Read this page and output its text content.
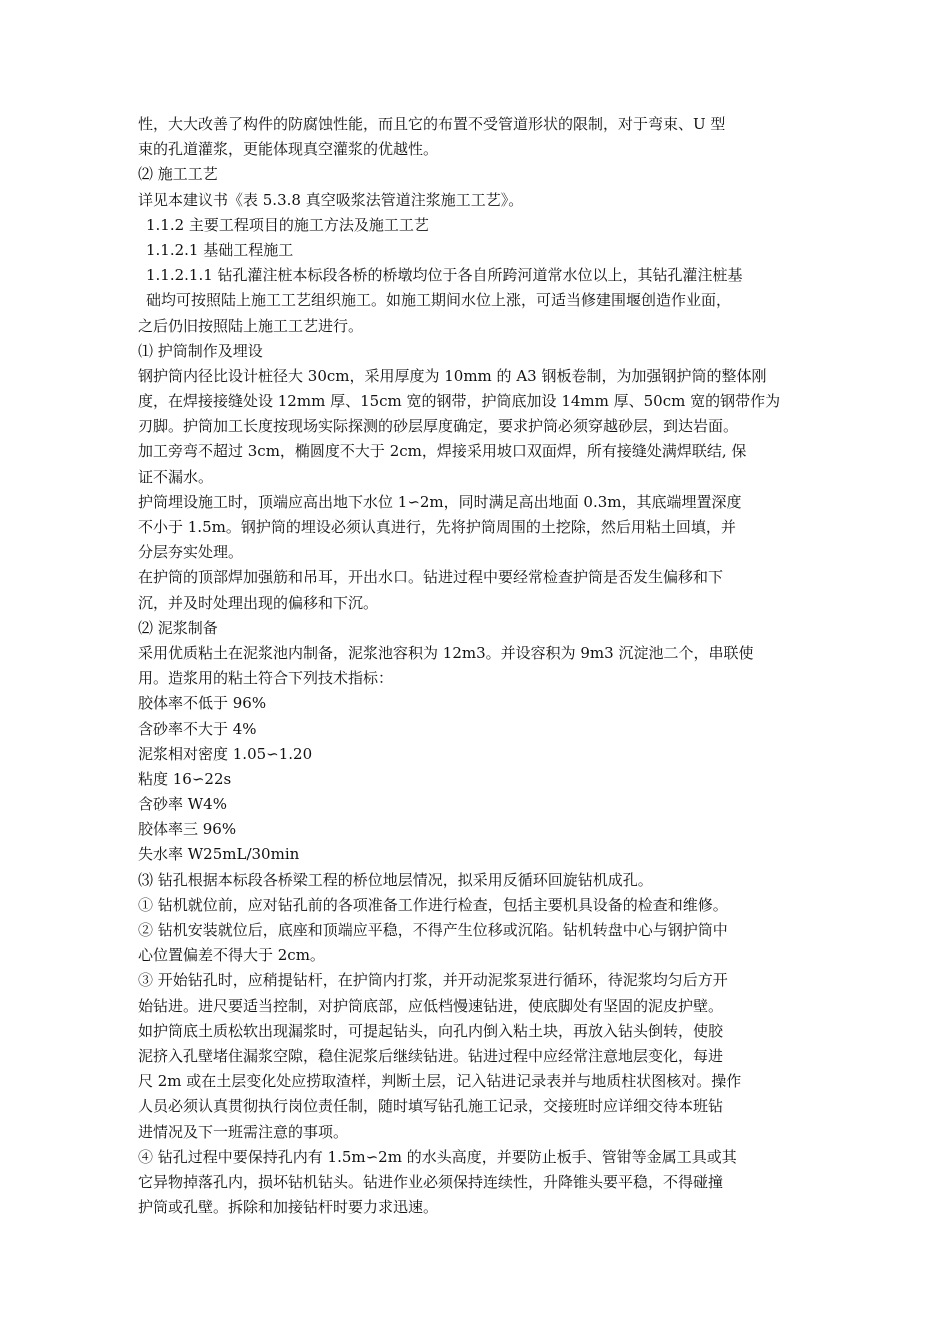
性，大大改善了构件的防腐蚀性能，而且它的布置不受管道形状的限制，对于弯束、U 型
束的孔道灌浆，更能体现真空灌浆的优越性。
⑵ 施工工艺
详见本建议书《表 5.3.8 真空吸浆法管道注浆施工工艺》。
1.1.2 主要工程项目的施工方法及施工工艺
1.1.2.1 基础工程施工
1.1.2.1.1 钻孔灌注桩本标段各桥的桥墩均位于各自所跨河道常水位以上，其钻孔灌注桩基
础均可按照陆上施工工艺组织施工。如施工期间水位上涨，可适当修建围堰创造作业面，
之后仍旧按照陆上施工工艺进行。
⑴ 护筒制作及埋设
钢护筒内径比设计桩径大 30cm，采用厚度为 10mm 的 A3 钢板卷制，为加强钢护筒的整体刚
度，在焊接接缝处设 12mm 厚、15cm 宽的钢带，护筒底加设 14mm 厚、50cm 宽的钢带作为
刃脚。护筒加工长度按现场实际探测的砂层厚度确定，要求护筒必须穿越砂层，到达岩面。
加工旁弯不超过 3cm，椭圆度不大于 2cm，焊接采用坡口双面焊，所有接缝处满焊联结, 保
证不漏水。
护筒埋设施工时，顶端应高出地下水位 1∽2m，同时满足高出地面 0.3m，其底端埋置深度
不小于 1.5m。钢护筒的埋设必须认真进行，先将护筒周围的土挖除，然后用粘土回填，并
分层夯实处理。
在护筒的顶部焊加强筋和吊耳，开出水口。钻进过程中要经常检查护筒是否发生偏移和下
沉，并及时处理出现的偏移和下沉。
⑵ 泥浆制备
采用优质粘土在泥浆池内制备，泥浆池容积为 12m3。并设容积为 9m3 沉淀池二个，串联使
用。造浆用的粘土符合下列技术指标：
胶体率不低于 96%
含砂率不大于 4%
泥浆相对密度 1.05∽1.20
粘度 16∽22s
含砂率 W4%
胶体率三 96%
失水率 W25mL/30min
⑶ 钻孔根据本标段各桥梁工程的桥位地层情况，拟采用反循环回旋钻机成孔。
① 钻机就位前，应对钻孔前的各项准备工作进行检查，包括主要机具设备的检查和维修。
② 钻机安装就位后，底座和顶端应平稳，不得产生位移或沉陷。钻机转盘中心与钢护筒中
心位置偏差不得大于 2cm。
③ 开始钻孔时，应稍提钻杆，在护筒内打浆，并开动泥浆泵进行循环，待泥浆均匀后方开
始钻进。进尺要适当控制，对护筒底部，应低档慢速钻进，使底脚处有坚固的泥皮护壁。
如护筒底土质松软出现漏浆时，可提起钻头，向孔内倒入粘土块，再放入钻头倒转，使胶
泥挤入孔壁堵住漏浆空隙，稳住泥浆后继续钻进。钻进过程中应经常注意地层变化，每进
尺 2m 或在土层变化处应捞取渣样，判断土层，记入钻进记录表并与地质柱状图核对。操作
人员必须认真贯彻执行岗位责任制，随时填写钻孔施工记录，交接班时应详细交待本班钻
进情况及下一班需注意的事项。
④ 钻孔过程中要保持孔内有 1.5m∽2m 的水头高度，并要防止板手、管钳等金属工具或其
它异物掉落孔内，损坏钻机钻头。钻进作业必须保持连续性，升降锥头要平稳，不得碰撞
护筒或孔壁。拆除和加接钻杆时要力求迅速。
